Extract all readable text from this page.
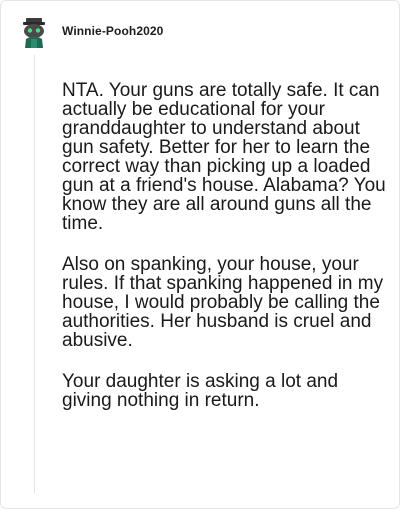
Winnie-Pooh2020

NTA. Your guns are totally safe. It can actually be educational for your granddaughter to understand about gun safety. Better for her to learn the correct way than picking up a loaded gun at a friend's house. Alabama? You know they are all around guns all the time.

Also on spanking, your house, your rules. If that spanking happened in my house, I would probably be calling the authorities. Her husband is cruel and abusive.

Your daughter is asking a lot and giving nothing in return.
